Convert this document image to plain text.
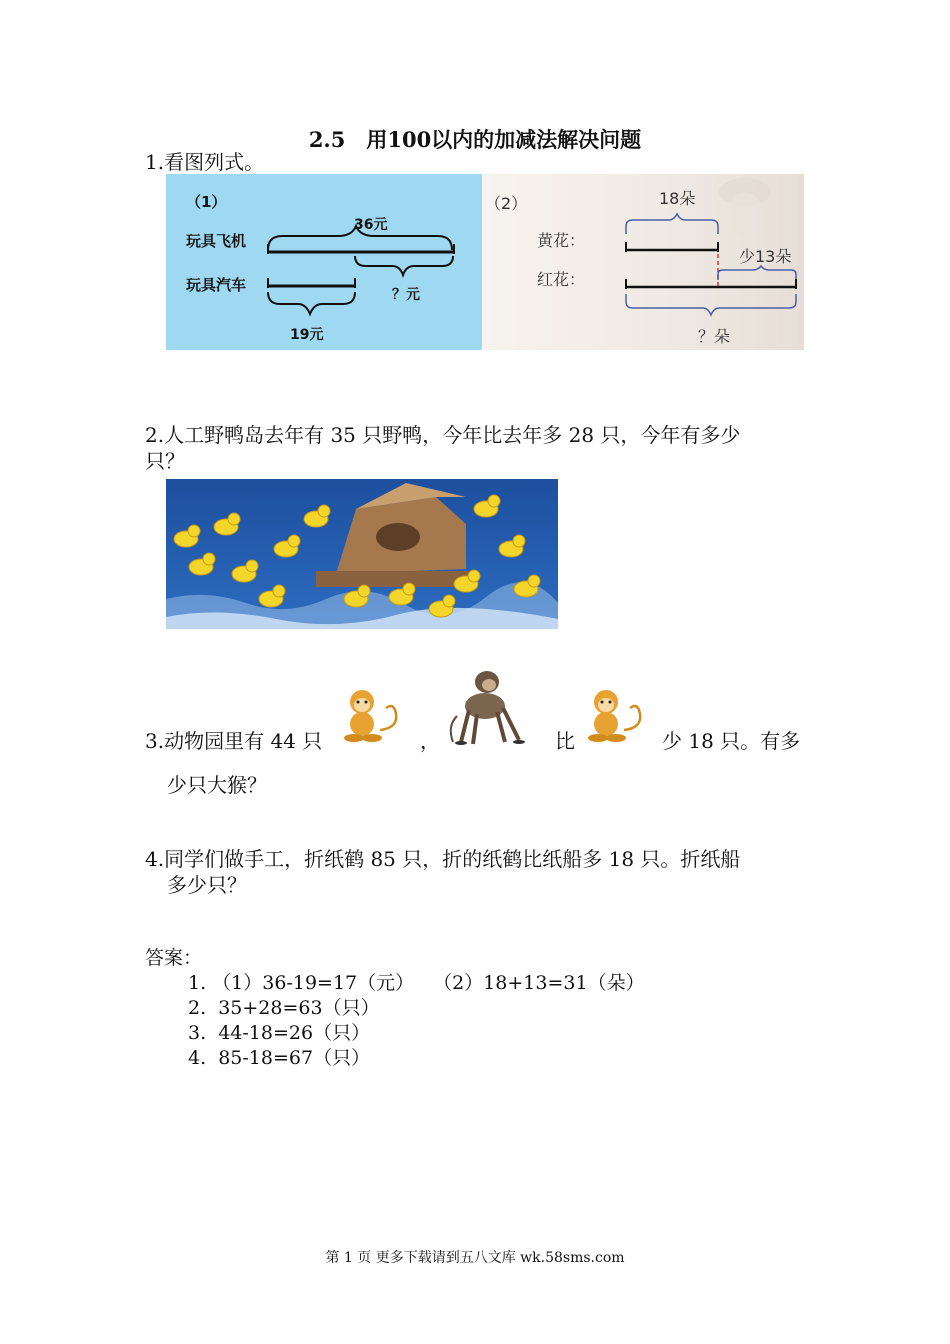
2.5　用100以内的加减法解决问题
1.看图列式。
（1）
玩具飞机
玩具汽车
36元
？元
19元
（2）
黄花：
红花：
18朵
少13朵
？朵
2.人工野鸭岛去年有 35 只野鸭，今年比去年多 28 只，今年有多少
只？
3.动物园里有 44 只	，	比	少 18 只。有多
少只大猴？
4.同学们做手工，折纸鹤 85 只，折的纸鹤比纸船多 18 只。折纸船
多少只？
答案：
1. （1）36-19=17（元）　　（2）18+13=31（朵）
2.  35+28=63（只）
3.  44-18=26（只）
4.  85-18=67（只）
第 1 页 更多下载请到五八文库 wk.58sms.com
